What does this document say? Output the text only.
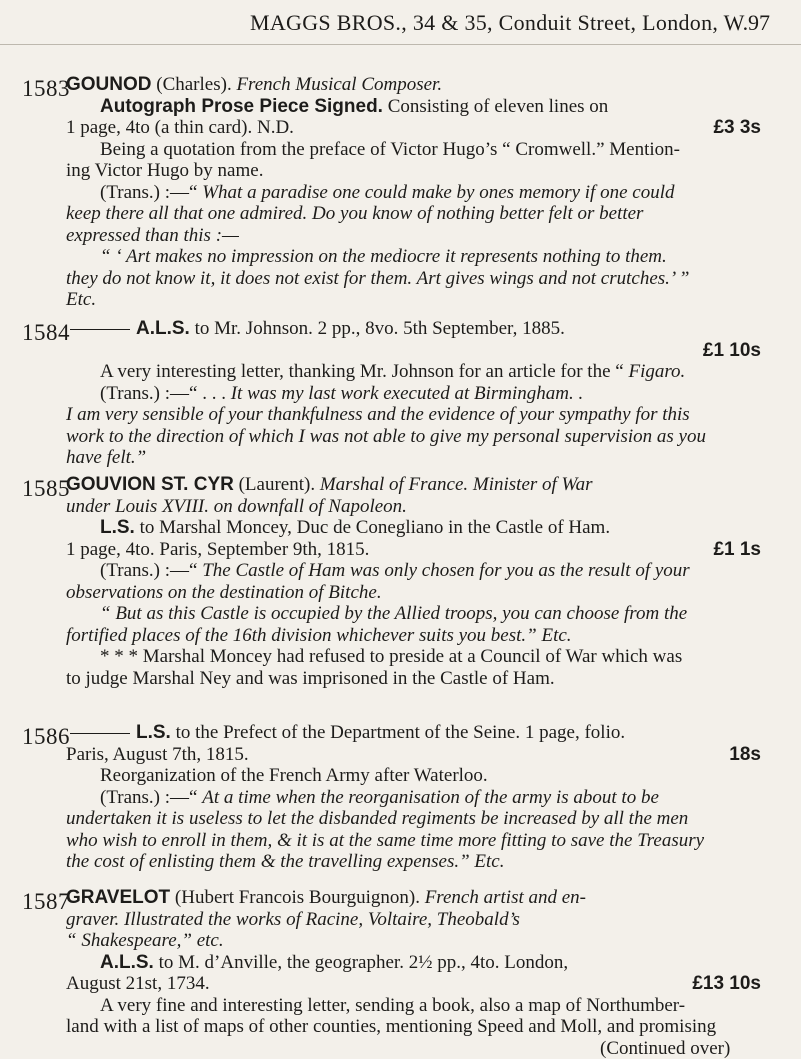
MAGGS BROS., 34 & 35, Conduit Street, London, W. 97
1583
GOUNOD (Charles). French Musical Composer.
Autograph Prose Piece Signed. Consisting of eleven lines on
1 page, 4to (a thin card). N.D.	£3 3s
Being a quotation from the preface of Victor Hugo’s “ Cromwell.” Mention-
ing Victor Hugo by name.
(Trans.) :—“ What a paradise one could make by ones memory if one could
keep there all that one admired. Do you know of nothing better felt or better
expressed than this :—
“ ‘ Art makes no impression on the mediocre it represents nothing to them.
they do not know it, it does not exist for them. Art gives wings and not crutches.’ ”
Etc.
1584	A.L.S. to Mr. Johnson. 2 pp., 8vo. 5th September, 1885.
£1 10s
A very interesting letter, thanking Mr. Johnson for an article for the “ Figaro.
(Trans.) :—“ . . . It was my last work executed at Birmingham. .
I am very sensible of your thankfulness and the evidence of your sympathy for this
work to the direction of which I was not able to give my personal supervision as you
have felt.”
1585
GOUVION ST. CYR (Laurent). Marshal of France. Minister of War
under Louis XVIII. on downfall of Napoleon.
L.S. to Marshal Moncey, Duc de Conegliano in the Castle of Ham.
1 page, 4to. Paris, September 9th, 1815.	£1 1s
(Trans.) :—“ The Castle of Ham was only chosen for you as the result of your
observations on the destination of Bitche.
“ But as this Castle is occupied by the Allied troops, you can choose from the
fortified places of the 16th division whichever suits you best.” Etc.
* * * Marshal Moncey had refused to preside at a Council of War which was
to judge Marshal Ney and was imprisoned in the Castle of Ham.
1586	L.S. to the Prefect of the Department of the Seine. 1 page, folio.
Paris, August 7th, 1815.	18s
Reorganization of the French Army after Waterloo.
(Trans.) :—“ At a time when the reorganisation of the army is about to be
undertaken it is useless to let the disbanded regiments be increased by all the men
who wish to enroll in them, & it is at the same time more fitting to save the Treasury
the cost of enlisting them & the travelling expenses.” Etc.
1587
GRAVELOT (Hubert Francois Bourguignon). French artist and en-
graver. Illustrated the works of Racine, Voltaire, Theobald’s
“ Shakespeare,” etc.
A.L.S. to M. d’Anville, the geographer. 2½ pp., 4to. London,
August 21st, 1734.	£13 10s
A very fine and interesting letter, sending a book, also a map of Northumber-
land with a list of maps of other counties, mentioning Speed and Moll, and promising
(Continued over)
